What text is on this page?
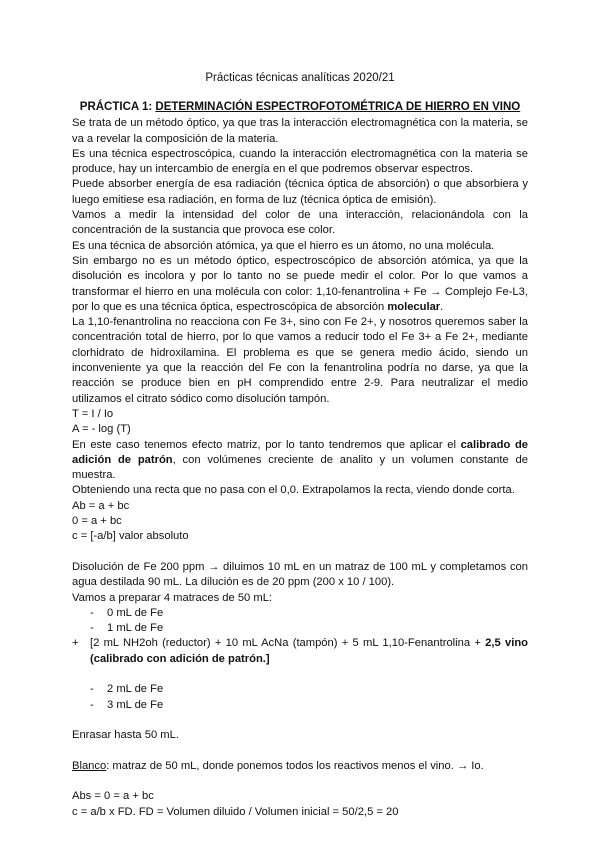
Prácticas técnicas analíticas 2020/21

PRÁCTICA 1: DETERMINACIÓN ESPECTROFOTOMÉTRICA DE HIERRO EN VINO

Se trata de un método óptico, ya que tras la interacción electromagnética con la materia, se va a revelar la composición de la materia.

Es una técnica espectroscópica, cuando la interacción electromagnética con la materia se produce, hay un intercambio de energía en el que podremos observar espectros.

Puede absorber energía de esa radiación (técnica óptica de absorción) o que absorbiera y luego emitiese esa radiación, en forma de luz (técnica óptica de emisión).

Vamos a medir la intensidad del color de una interacción, relacionándola con la concentración de la sustancia que provoca ese color.

Es una técnica de absorción atómica, ya que el hierro es un átomo, no una molécula.

Sin embargo no es un método óptico, espectroscópico de absorción atómica, ya que la disolución es incolora y por lo tanto no se puede medir el color. Por lo que vamos a transformar el hierro en una molécula con color: 1,10-fenantrolina + Fe → Complejo Fe-L3, por lo que es una técnica óptica, espectroscópica de absorción molecular.

La 1,10-fenantrolina no reacciona con Fe 3+, sino con Fe 2+, y nosotros queremos saber la concentración total de hierro, por lo que vamos a reducir todo el Fe 3+ a Fe 2+, mediante clorhidrato de hidroxilamina. El problema es que se genera medio ácido, siendo un inconveniente ya que la reacción del Fe con la fenantrolina podría no darse, ya que la reacción se produce bien en pH comprendido entre 2-9. Para neutralizar el medio utilizamos el citrato sódico como disolución tampón.

T = I / Io

A = - log (T)

En este caso tenemos efecto matriz, por lo tanto tendremos que aplicar el calibrado de adición de patrón, con volúmenes creciente de analito y un volumen constante de muestra.

Obteniendo una recta que no pasa con el 0,0. Extrapolamos la recta, viendo donde corta.

Ab = a + bc

0 = a + bc

c = [-a/b] valor absoluto

Disolución de Fe 200 ppm → diluimos 10 mL en un matraz de 100 mL y completamos con agua destilada 90 mL. La dilución es de 20 ppm (200 x 10 / 100).

Vamos a preparar 4 matraces de 50 mL:

- 0 mL de Fe

- 1 mL de Fe

+ [2 mL NH2oh (reductor) + 10 mL AcNa (tampón) + 5 mL 1,10-Fenantrolina + 2,5 vino (calibrado con adición de patrón.]

- 2 mL de Fe

- 3 mL de Fe

Enrasar hasta 50 mL.

Blanco: matraz de 50 mL, donde ponemos todos los reactivos menos el vino. → Io.

Abs = 0 = a + bc

c = a/b x FD. FD = Volumen diluido / Volumen inicial = 50/2,5 = 20
